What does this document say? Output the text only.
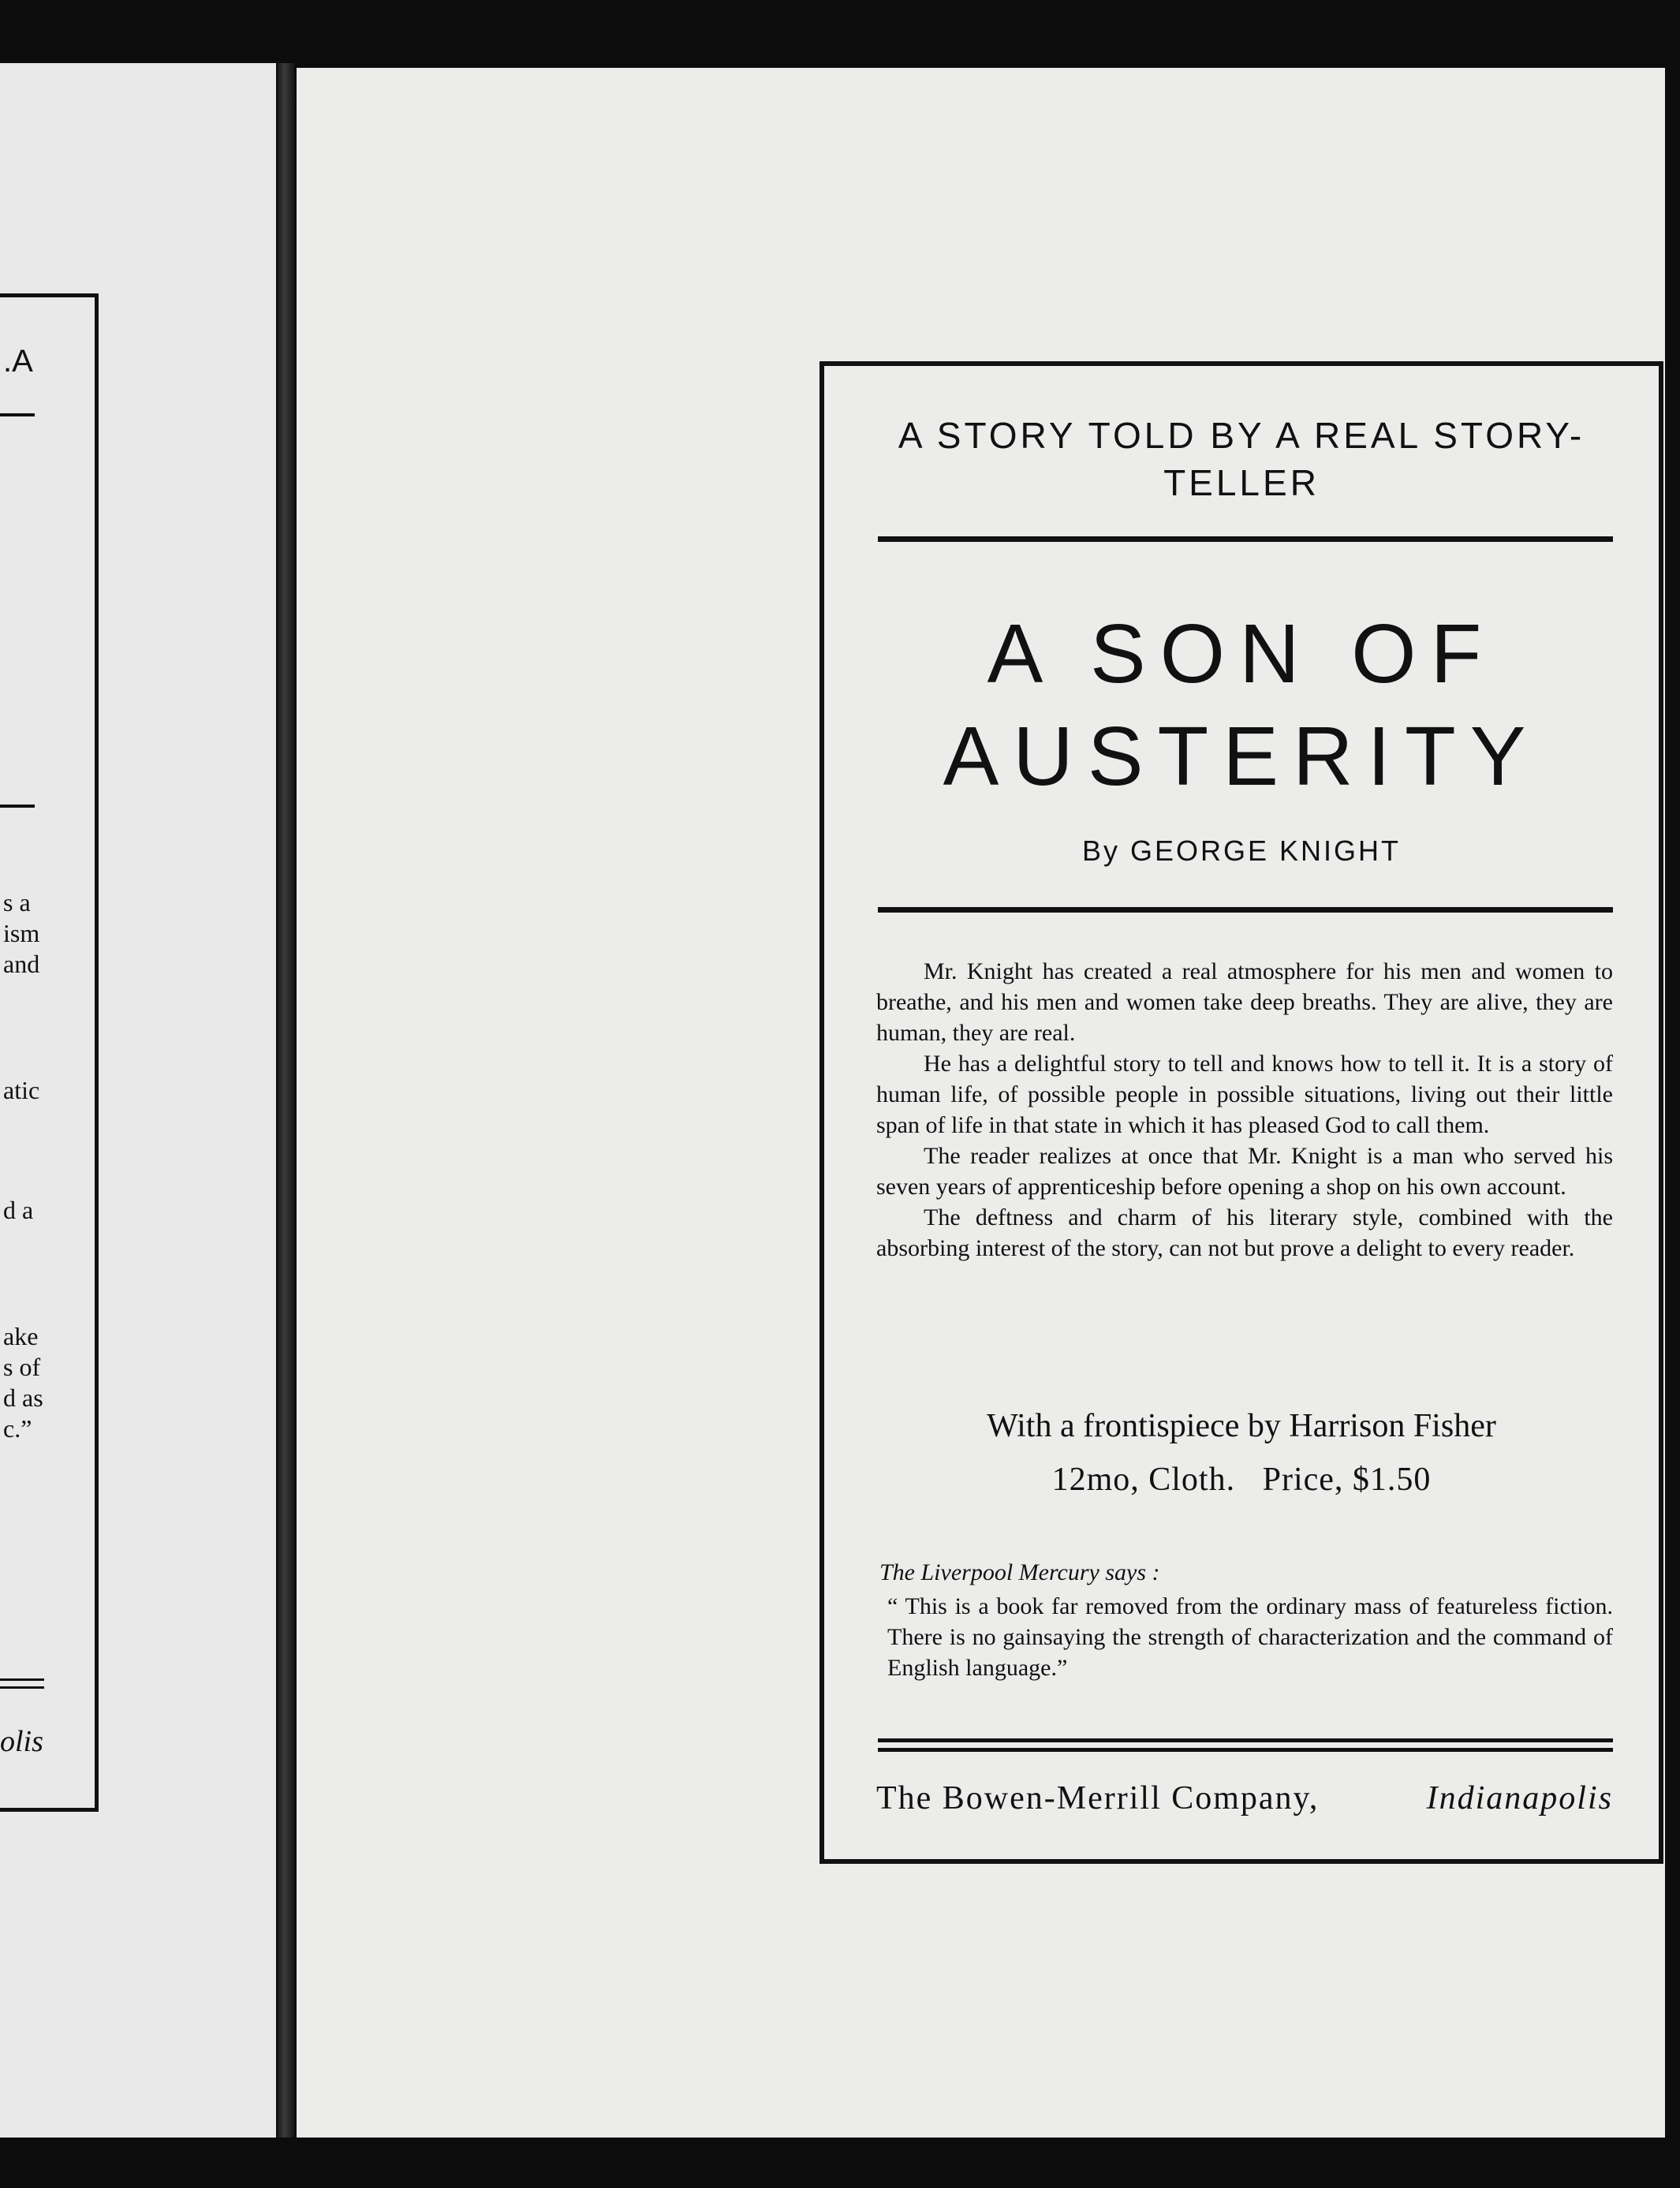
.A
s a
ism
and
atic
d a
ake
s of
d as
c.”
olis
A STORY TOLD BY A REAL STORY-
TELLER
A SON OF
AUSTERITY
By GEORGE KNIGHT

Mr. Knight has created a real atmosphere for his men and women to breathe, and his men and women take deep breaths. They are alive, they are human, they are real.

He has a delightful story to tell and knows how to tell it. It is a story of human life, of possible people in possible situations, living out their little span of life in that state in which it has pleased God to call them.

The reader realizes at once that Mr. Knight is a man who served his seven years of apprenticeship before opening a shop on his own account.

The deftness and charm of his literary style, combined with the absorbing interest of the story, can not but prove a delight to every reader.

With a frontispiece by Harrison Fisher
12mo, Cloth.   Price, $1.50
The Liverpool Mercury says :
“ This is a book far removed from the ordinary mass of featureless fiction. There is no gainsaying the strength of characterization and the command of English language.”
The Bowen-Merrill Company,	Indianapolis
